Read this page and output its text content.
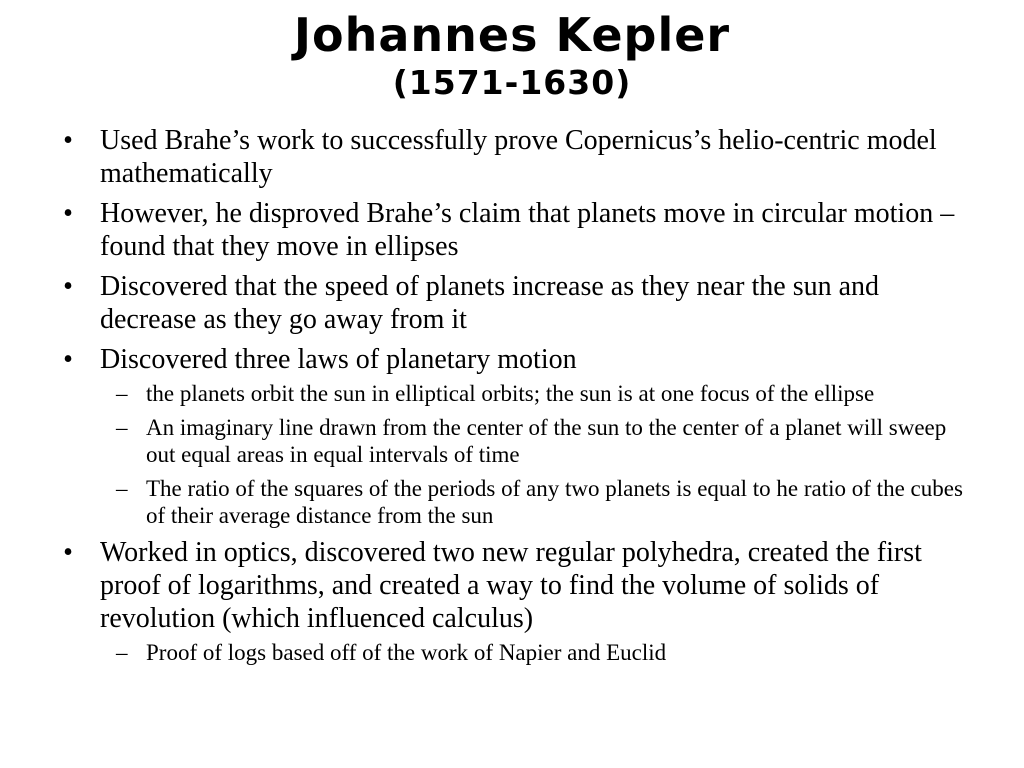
Johannes Kepler
(1571-1630)
• Used Brahe’s work to successfully prove Copernicus’s helio-centric model mathematically
• However, he disproved Brahe’s claim that planets move in circular motion – found that they move in ellipses
• Discovered that the speed of planets increase as they near the sun and decrease as they go away from it
• Discovered three laws of planetary motion
– the planets orbit the sun in elliptical orbits; the sun is at one focus of the ellipse
– An imaginary line drawn from the center of the sun to the center of a planet will sweep out equal areas in equal intervals of time
– The ratio of the squares of the periods of any two planets is equal to he ratio of the cubes of their average distance from the sun
• Worked in optics, discovered two new regular polyhedra, created the first proof of logarithms, and created a way to find the volume of solids of revolution (which influenced calculus)
– Proof of logs based off of the work of Napier and Euclid
